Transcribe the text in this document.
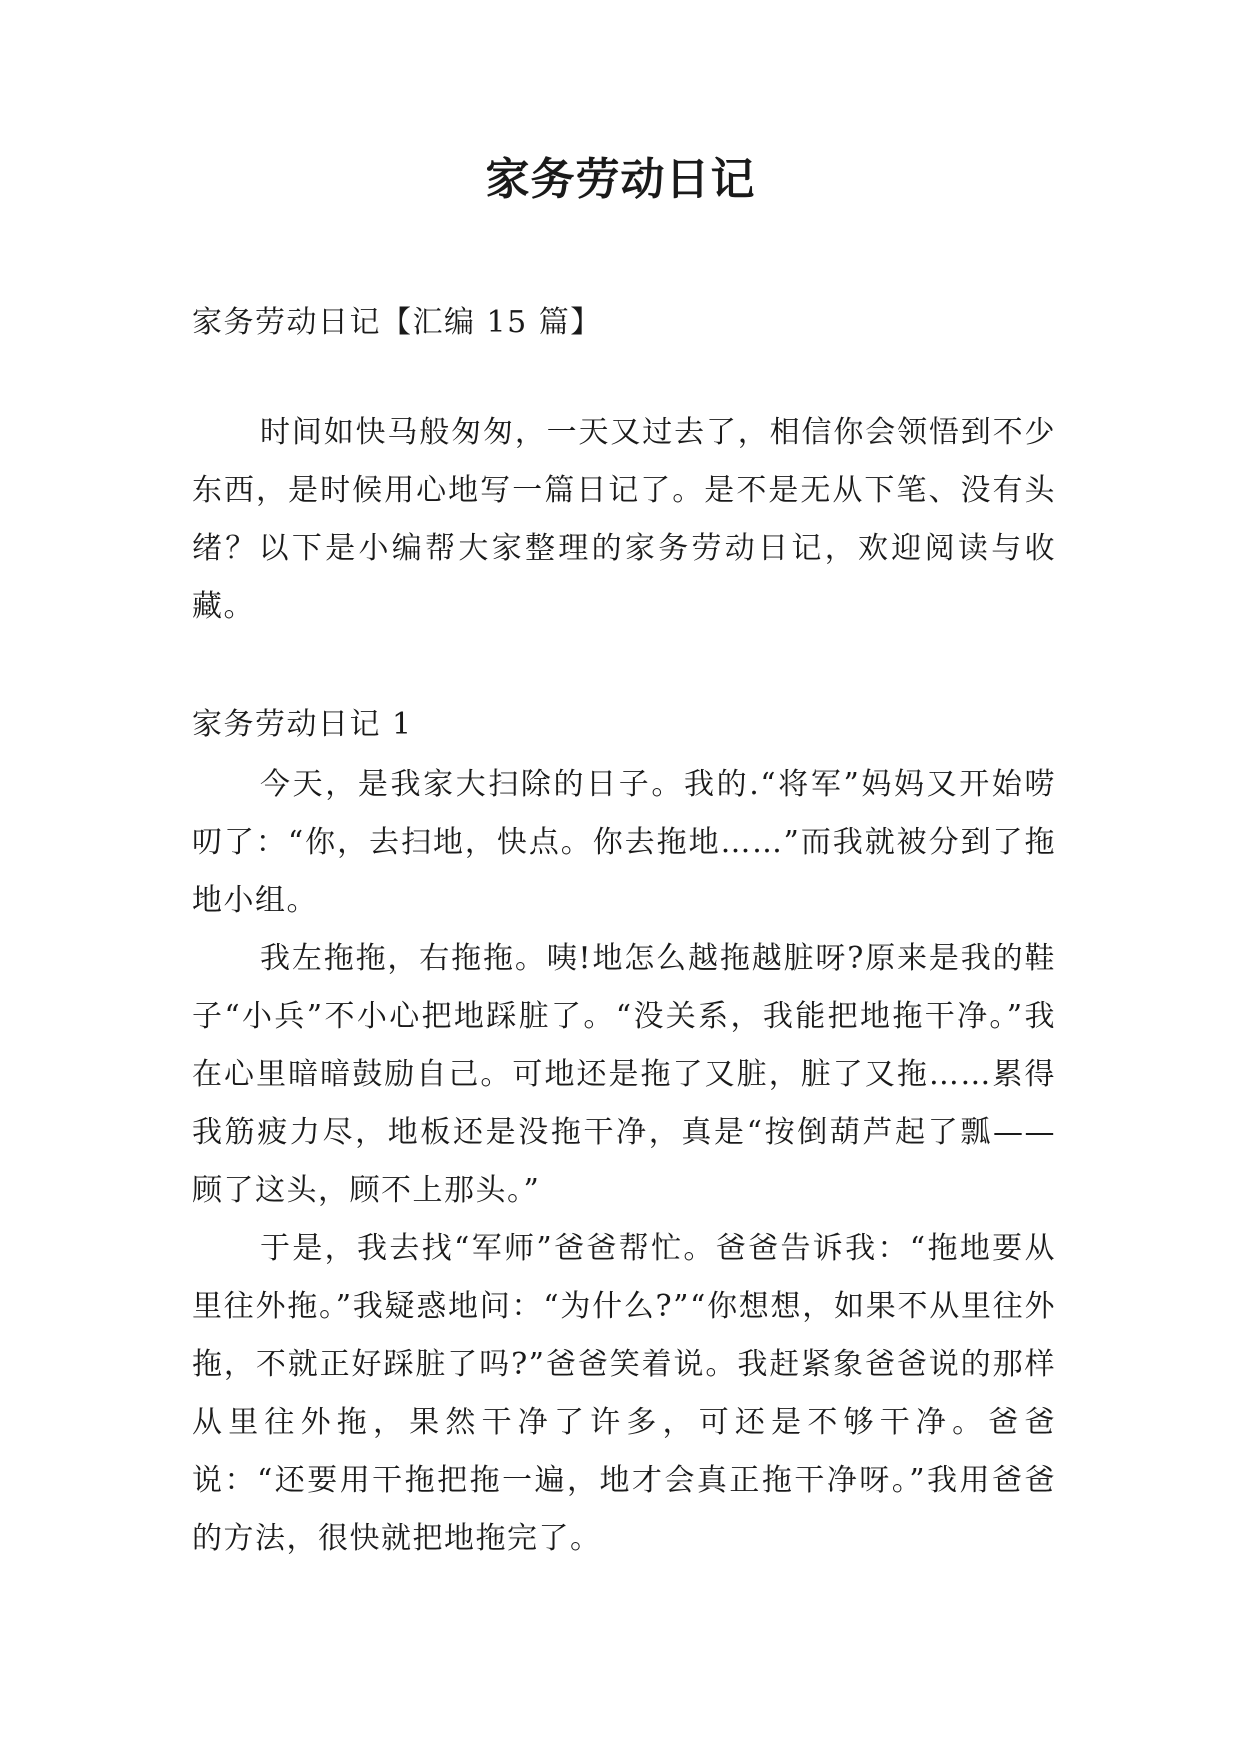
家务劳动日记

家务劳动日记【汇编 15 篇】

时间如快马般匆匆，一天又过去了，相信你会领悟到不少东西，是时候用心地写一篇日记了。是不是无从下笔、没有头绪？以下是小编帮大家整理的家务劳动日记，欢迎阅读与收藏。

家务劳动日记 1

今天，是我家大扫除的日子。我的.“将军”妈妈又开始唠叨了：“你，去扫地，快点。你去拖地……”而我就被分到了拖地小组。

我左拖拖，右拖拖。咦!地怎么越拖越脏呀?原来是我的鞋子“小兵”不小心把地踩脏了。“没关系，我能把地拖干净。”我在心里暗暗鼓励自己。可地还是拖了又脏，脏了又拖……累得我筋疲力尽，地板还是没拖干净，真是“按倒葫芦起了瓢——顾了这头，顾不上那头。”

于是，我去找“军师”爸爸帮忙。爸爸告诉我：“拖地要从里往外拖。”我疑惑地问：“为什么?”“你想想，如果不从里往外拖，不就正好踩脏了吗?”爸爸笑着说。我赶紧象爸爸说的那样从里往外拖，果然干净了许多，可还是不够干净。爸爸说：“还要用干拖把拖一遍，地才会真正拖干净呀。”我用爸爸的方法，很快就把地拖完了。
